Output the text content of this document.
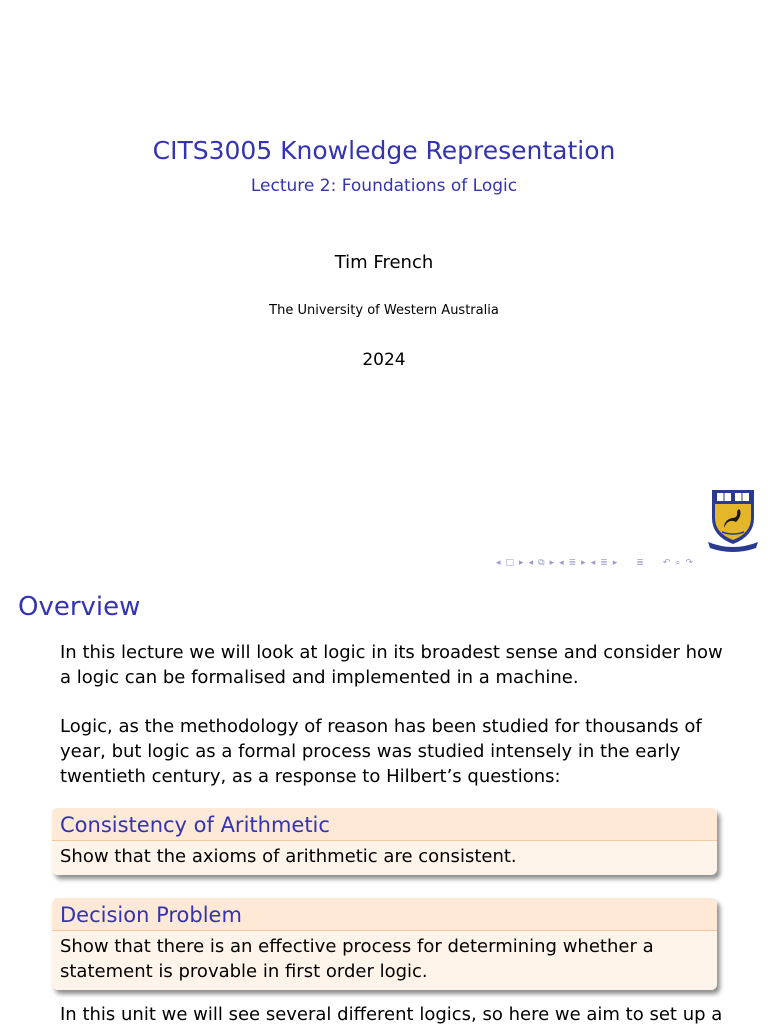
CITS3005 Knowledge Representation
Lecture 2: Foundations of Logic
Tim French
The University of Western Australia
2024
◂ □ ▸ ◂ ⧉ ▸ ◂ ≣ ▸ ◂ ≣ ▸ ≣ ↶ ⌕ ↷
Overview
In this lecture we will look at logic in its broadest sense and consider how a logic can be formalised and implemented in a machine.
Logic, as the methodology of reason has been studied for thousands of year, but logic as a formal process was studied intensely in the early twentieth century, as a response to Hilbert’s questions:
Consistency of Arithmetic
Show that the axioms of arithmetic are consistent.
Decision Problem
Show that there is an effective process for determining whether a statement is provable in first order logic.
In this unit we will see several different logics, so here we aim to set up a
